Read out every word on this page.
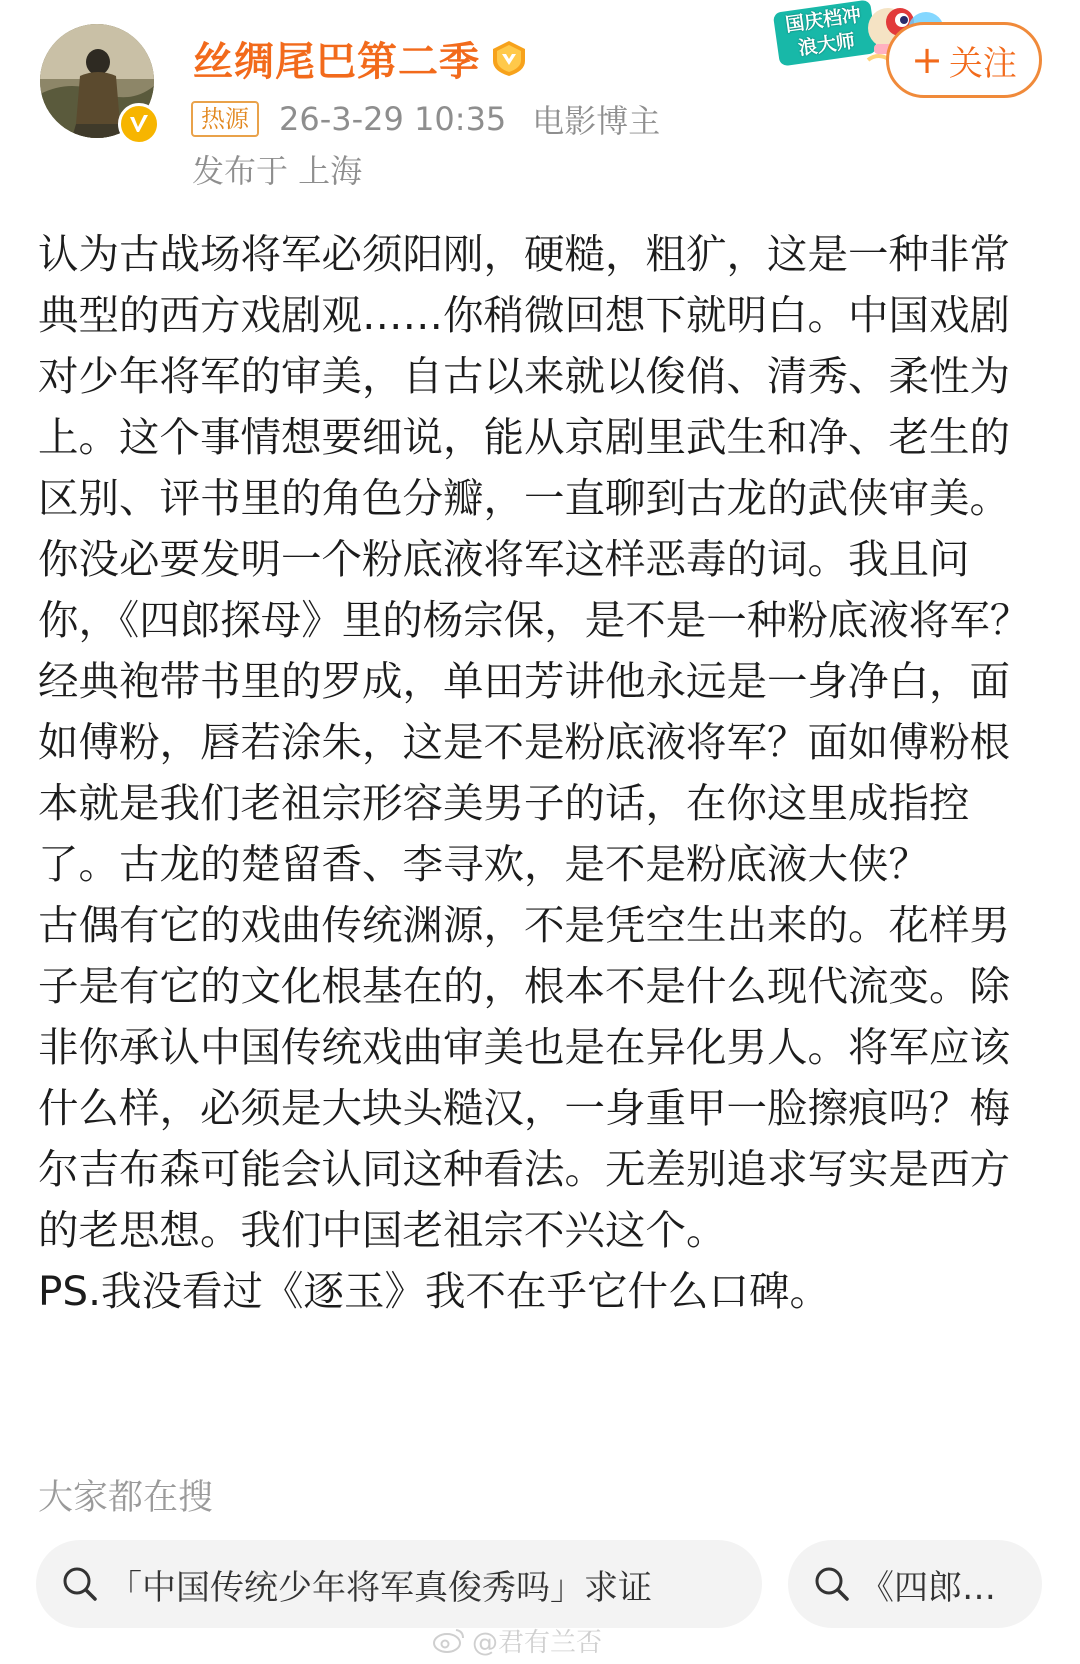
丝绸尾巴第二季
热源 26-3-29 10:35 电影博主
发布于 上海
国庆档冲浪大师	+ 关注

认为古战场将军必须阳刚，硬糙，粗犷，这是一种非常典型的西方戏剧观……你稍微回想下就明白。中国戏剧对少年将军的审美，自古以来就以俊俏、清秀、柔性为上。这个事情想要细说，能从京剧里武生和净、老生的区别、评书里的角色分瓣，一直聊到古龙的武侠审美。你没必要发明一个粉底液将军这样恶毒的词。我且问你，《四郎探母》里的杨宗保，是不是一种粉底液将军？经典袍带书里的罗成，单田芳讲他永远是一身净白，面如傅粉，唇若涂朱，这是不是粉底液将军？面如傅粉根本就是我们老祖宗形容美男子的话，在你这里成指控了。古龙的楚留香、李寻欢，是不是粉底液大侠？

古偶有它的戏曲传统渊源，不是凭空生出来的。花样男子是有它的文化根基在的，根本不是什么现代流变。除非你承认中国传统戏曲审美也是在异化男人。将军应该什么样，必须是大块头糙汉，一身重甲一脸擦痕吗？梅尔吉布森可能会认同这种看法。无差别追求写实是西方的老思想。我们中国老祖宗不兴这个。

PS.我没看过《逐玉》我不在乎它什么口碑。

大家都在搜
「中国传统少年将军真俊秀吗」求证	《四郎…
@君有兰否
